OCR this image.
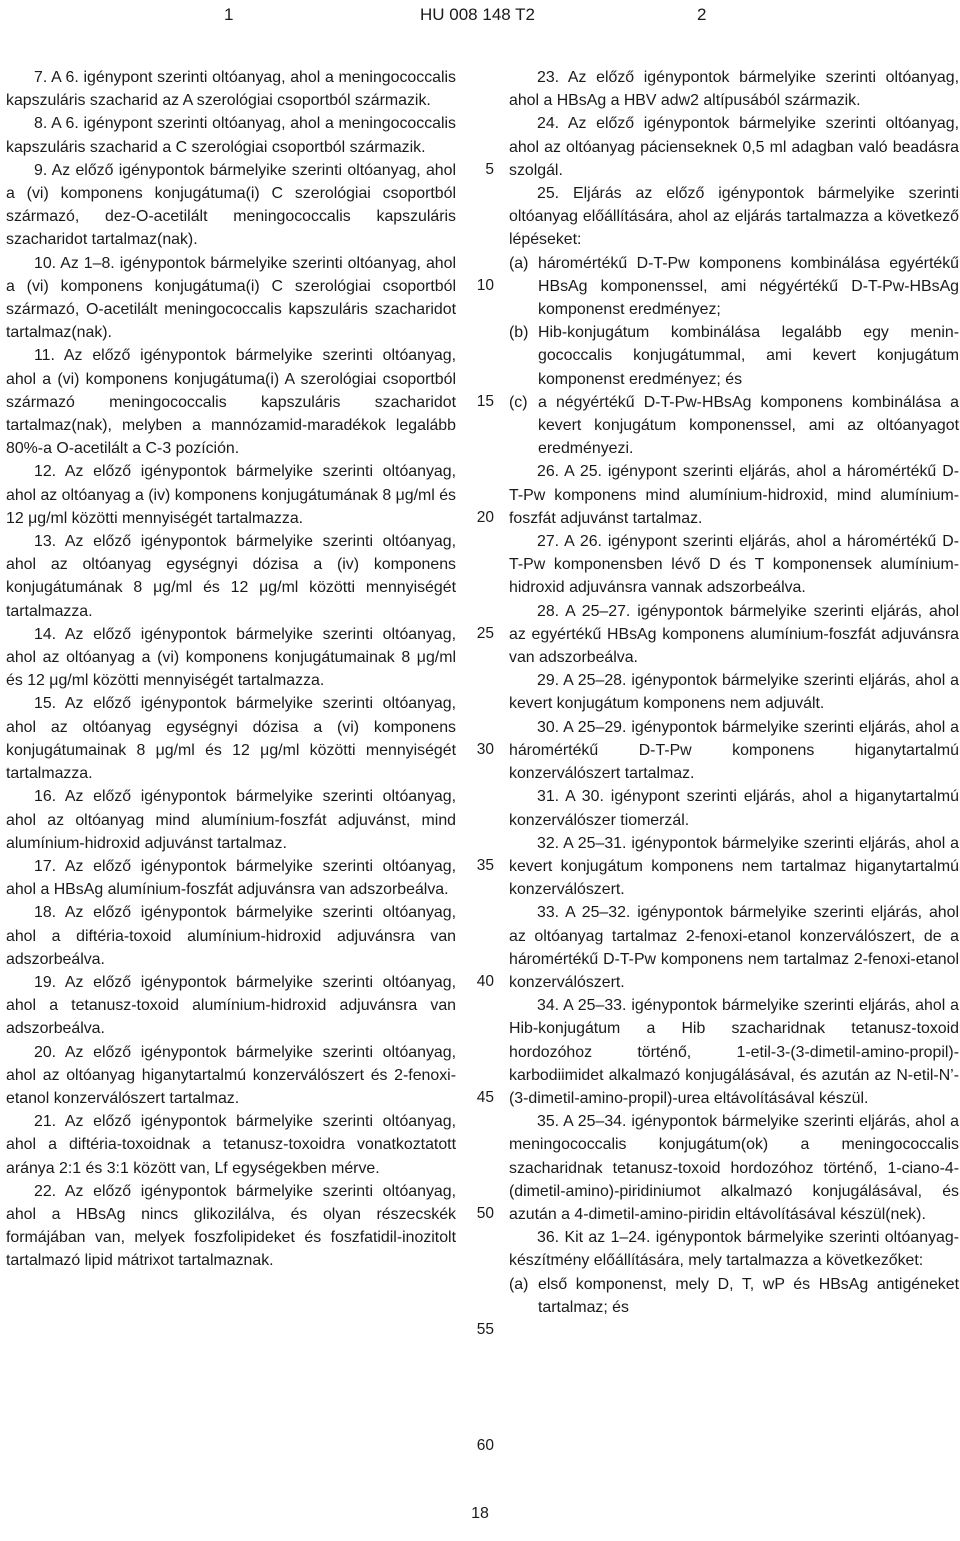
1	HU 008 148 T2	2

7. A 6. igénypont szerinti oltóanyag, ahol a meningococcalis kapszuláris szacharid az A szerológiai csoportból származik.

8. A 6. igénypont szerinti oltóanyag, ahol a meningococcalis kapszuláris szacharid a C szerológiai csoportból származik.

9. Az előző igénypontok bármelyike szerinti oltóanyag, ahol a (vi) komponens konjugátuma(i) C szerológiai csoportból származó, dez-O-acetilált meningococcalis kapszuláris szacharidot tartalmaz(nak).

10. Az 1–8. igénypontok bármelyike szerinti oltóanyag, ahol a (vi) komponens konjugátuma(i) C szerológiai csoportból származó, O-acetilált meningococcalis kapszuláris szacharidot tartalmaz(nak).

11. Az előző igénypontok bármelyike szerinti oltóanyag, ahol a (vi) komponens konjugátuma(i) A szerológiai csoportból származó meningococcalis kapszuláris szacharidot tartalmaz(nak), melyben a mannózamid-maradékok legalább 80%-a O-acetilált a C-3 pozíción.

12. Az előző igénypontok bármelyike szerinti oltóanyag, ahol az oltóanyag a (iv) komponens konjugátumának 8 μg/ml és 12 μg/ml közötti mennyiségét tartalmazza.

13. Az előző igénypontok bármelyike szerinti oltóanyag, ahol az oltóanyag egységnyi dózisa a (iv) komponens konjugátumának 8 μg/ml és 12 μg/ml közötti mennyiségét tartalmazza.

14. Az előző igénypontok bármelyike szerinti oltóanyag, ahol az oltóanyag a (vi) komponens konjugátumainak 8 μg/ml és 12 μg/ml közötti mennyiségét tartalmazza.

15. Az előző igénypontok bármelyike szerinti oltóanyag, ahol az oltóanyag egységnyi dózisa a (vi) komponens konjugátumainak 8 μg/ml és 12 μg/ml közötti mennyiségét tartalmazza.

16. Az előző igénypontok bármelyike szerinti oltóanyag, ahol az oltóanyag mind alumínium-foszfát adjuvánst, mind alumínium-hidroxid adjuvánst tartalmaz.

17. Az előző igénypontok bármelyike szerinti oltóanyag, ahol a HBsAg alumínium-foszfát adjuvánsra van adszorbeálva.

18. Az előző igénypontok bármelyike szerinti oltóanyag, ahol a diftéria-toxoid alumínium-hidroxid adjuvánsra van adszorbeálva.

19. Az előző igénypontok bármelyike szerinti oltóanyag, ahol a tetanusz-toxoid alumínium-hidroxid adjuvánsra van adszorbeálva.

20. Az előző igénypontok bármelyike szerinti oltóanyag, ahol az oltóanyag higanytartalmú konzerválószert és 2-fenoxi-etanol konzerválószert tartalmaz.

21. Az előző igénypontok bármelyike szerinti oltóanyag, ahol a diftéria-toxoidnak a tetanusz-toxoidra vonatkoztatott aránya 2:1 és 3:1 között van, Lf egységekben mérve.

22. Az előző igénypontok bármelyike szerinti oltóanyag, ahol a HBsAg nincs glikozilálva, és olyan részecskék formájában van, melyek foszfolipideket és foszfatidil-inozitolt tartalmazó lipid mátrixot tartalmaznak.

5
10
15
20
25
30
35
40
45
50
55
60

23. Az előző igénypontok bármelyike szerinti oltóanyag, ahol a HBsAg a HBV adw2 altípusából származik.

24. Az előző igénypontok bármelyike szerinti oltóanyag, ahol az oltóanyag pácienseknek 0,5 ml adagban való beadásra szolgál.

25. Eljárás az előző igénypontok bármelyike szerinti oltóanyag előállítására, ahol az eljárás tartalmazza a következő lépéseket:

(a) háromértékű D-T-Pw komponens kombinálása egyértékű HBsAg komponenssel, ami négyértékű D-T-Pw-HBsAg komponenst eredményez;
(b) Hib-konjugátum kombinálása legalább egy meningococcalis konjugátummal, ami kevert konjugátum komponenst eredményez; és
(c) a négyértékű D-T-Pw-HBsAg komponens kombinálása a kevert konjugátum komponenssel, ami az oltóanyagot eredményezi.

26. A 25. igénypont szerinti eljárás, ahol a háromértékű D-T-Pw komponens mind alumínium-hidroxid, mind alumínium-foszfát adjuvánst tartalmaz.

27. A 26. igénypont szerinti eljárás, ahol a háromértékű D-T-Pw komponensben lévő D és T komponensek alumínium-hidroxid adjuvánsra vannak adszorbeálva.

28. A 25–27. igénypontok bármelyike szerinti eljárás, ahol az egyértékű HBsAg komponens alumínium-foszfát adjuvánsra van adszorbeálva.

29. A 25–28. igénypontok bármelyike szerinti eljárás, ahol a kevert konjugátum komponens nem adjuvált.

30. A 25–29. igénypontok bármelyike szerinti eljárás, ahol a háromértékű D-T-Pw komponens higanytartalmú konzerválószert tartalmaz.

31. A 30. igénypont szerinti eljárás, ahol a higanytartalmú konzerválószer tiomerzál.

32. A 25–31. igénypontok bármelyike szerinti eljárás, ahol a kevert konjugátum komponens nem tartalmaz higanytartalmú konzerválószert.

33. A 25–32. igénypontok bármelyike szerinti eljárás, ahol az oltóanyag tartalmaz 2-fenoxi-etanol konzerválószert, de a háromértékű D-T-Pw komponens nem tartalmaz 2-fenoxi-etanol konzerválószert.

34. A 25–33. igénypontok bármelyike szerinti eljárás, ahol a Hib-konjugátum a Hib szacharidnak tetanusz-toxoid hordozóhoz történő, 1-etil-3-(3-dimetil-amino-propil)-karbodiimidet alkalmazó konjugálásával, és azután az N-etil-N’-(3-dimetil-amino-propil)-urea eltávolításával készül.

35. A 25–34. igénypontok bármelyike szerinti eljárás, ahol a meningococcalis konjugátum(ok) a meningococcalis szacharidnak tetanusz-toxoid hordozóhoz történő, 1-ciano-4-(dimetil-amino)-piridiniumot alkalmazó konjugálásával, és azután a 4-dimetil-amino-piridin eltávolításával készül(nek).

36. Kit az 1–24. igénypontok bármelyike szerinti oltóanyag-készítmény előállítására, mely tartalmazza a következőket:

(a) első komponenst, mely D, T, wP és HBsAg antigéneket tartalmaz; és
18
